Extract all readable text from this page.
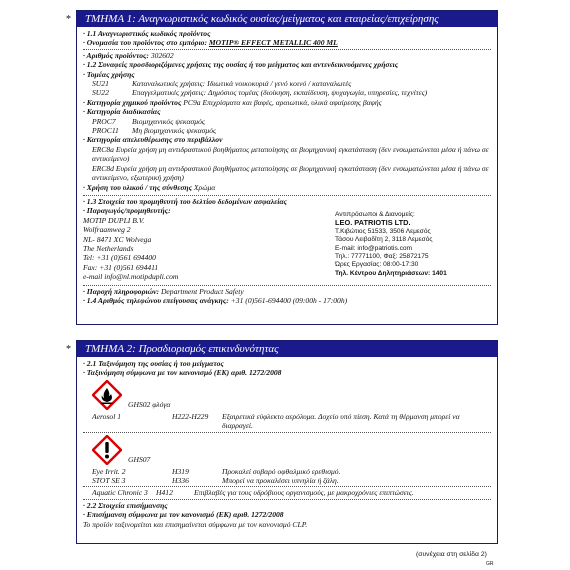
*	ΤΜΗΜΑ 1: Αναγνωριστικός κωδικός ουσίας/μείγματος και εταιρείας/επιχείρησης
· 1.1 Αναγνωριστικός κωδικός προϊόντος
· Ονομασία του προϊόντος στο εμπόριο: MOTIP® EFFECT METALLIC 400 ML
· Αριθμός προϊόντος: 302602
· 1.2 Συναφείς προσδιοριζόμενες χρήσεις της ουσίας ή του μείγματος και αντενδεικνυόμενες χρήσεις
· Τομέας χρήσης
SU21	Καταναλωτικές χρήσεις: Ιδιωτικά νοικοκυριά / γενό κοινό / καταναλωτές
SU22	Επαγγελματικές χρήσεις: Δημόσιος τομέας (διοίκηση, εκπαίδευση, ψυχαγωγία, υπηρεσίες, τεχνίτες)
· Κατηγορία χημικού προϊόντος PC9a Επιχρίσματα και βαφές, αραιωτικά, υλικά αφαίρεσης βαφής
· Κατηγορία διαδικασίας
PROC7	Βιομηχανικός ψεκασμός
PROC11	Μη βιομηχανικός ψεκασμός
· Κατηγορία απελευθέρωσης στο περιβάλλον
ERC8a Ευρεία χρήση μη αντιδραστικού βοηθήματος μεταποίησης σε βιομηχανική εγκατάσταση (δεν ενσωματώνεται μέσα ή πάνω σε αντικείμενο)
ERC8d Ευρεία χρήση μη αντιδραστικού βοηθήματος μεταποίησης σε βιομηχανική εγκατάσταση (δεν ενσωματώνεται μέσα ή πάνω σε αντικείμενο, εξωτερική χρήση)
· Χρήση του υλικού / της σύνθεσης Χρώμα
· 1.3 Στοιχεία του προμηθευτή του δελτίου δεδομένων ασφαλείας
· Παραγωγός/προμηθευτής:
MOTIP DUPLI B.V.
Wolfraamweg 2
NL- 8471 XC Wolvega
The Netherlands
Tel: +31 (0)561 694400
Fax: +31 (0)561 694411
e-mail info@nl.motipdupli.com
Αντιπρόσωποι & Διανομείς:
LEO. PATRIOTIS LTD.
Τ.Κιβώτιος 51533, 3506 Λεμεσός
Τάσου Λειβαδίτη 2, 3118 Λεμεσός
E-mail: info@patriotis.com
Τηλ.: 77771100, Φαξ: 25872175
Ώρες Εργασίας: 08:00-17:30
Τηλ. Κέντρου Δηλητηριάσεων: 1401
· Παροχή πληροφοριών: Department Product Safety
· 1.4 Αριθμός τηλεφώνου επείγουσας ανάγκης: +31 (0)561-694400 (09:00h - 17:00h)
*	ΤΜΗΜΑ 2: Προσδιορισμός επικινδυνότητας
· 2.1 Ταξινόμηση της ουσίας ή του μείγματος
· Ταξινόμηση σύμφωνα με τον κανονισμό (ΕΚ) αριθ. 1272/2008
GHS02 φλόγα
Aerosol 1	H222-H229	Εξαιρετικά εύφλεκτο αερόλυμα. Δοχείο υπό πίεση. Κατά τη θέρμανση μπορεί να διαρραγεί.
GHS07
Eye Irrit. 2	H319	Προκαλεί σοβαρό οφθαλμικό ερεθισμό.
STOT SE 3	H336	Μπορεί να προκαλέσει υπνηλία ή ζάλη.
Aquatic Chronic 3	H412	Επιβλαβές για τους υδρόβιους οργανισμούς, με μακροχρόνιες επιπτώσεις.
· 2.2 Στοιχεία επισήμανσης
· Επισήμανση σύμφωνα με τον κανονισμό (ΕΚ) αριθ. 1272/2008
Το προϊόν ταξινομείται και επισημαίνεται σύμφωνα με τον κανονισμό CLP.
(συνέχεια στη σελίδα 2)
GR
